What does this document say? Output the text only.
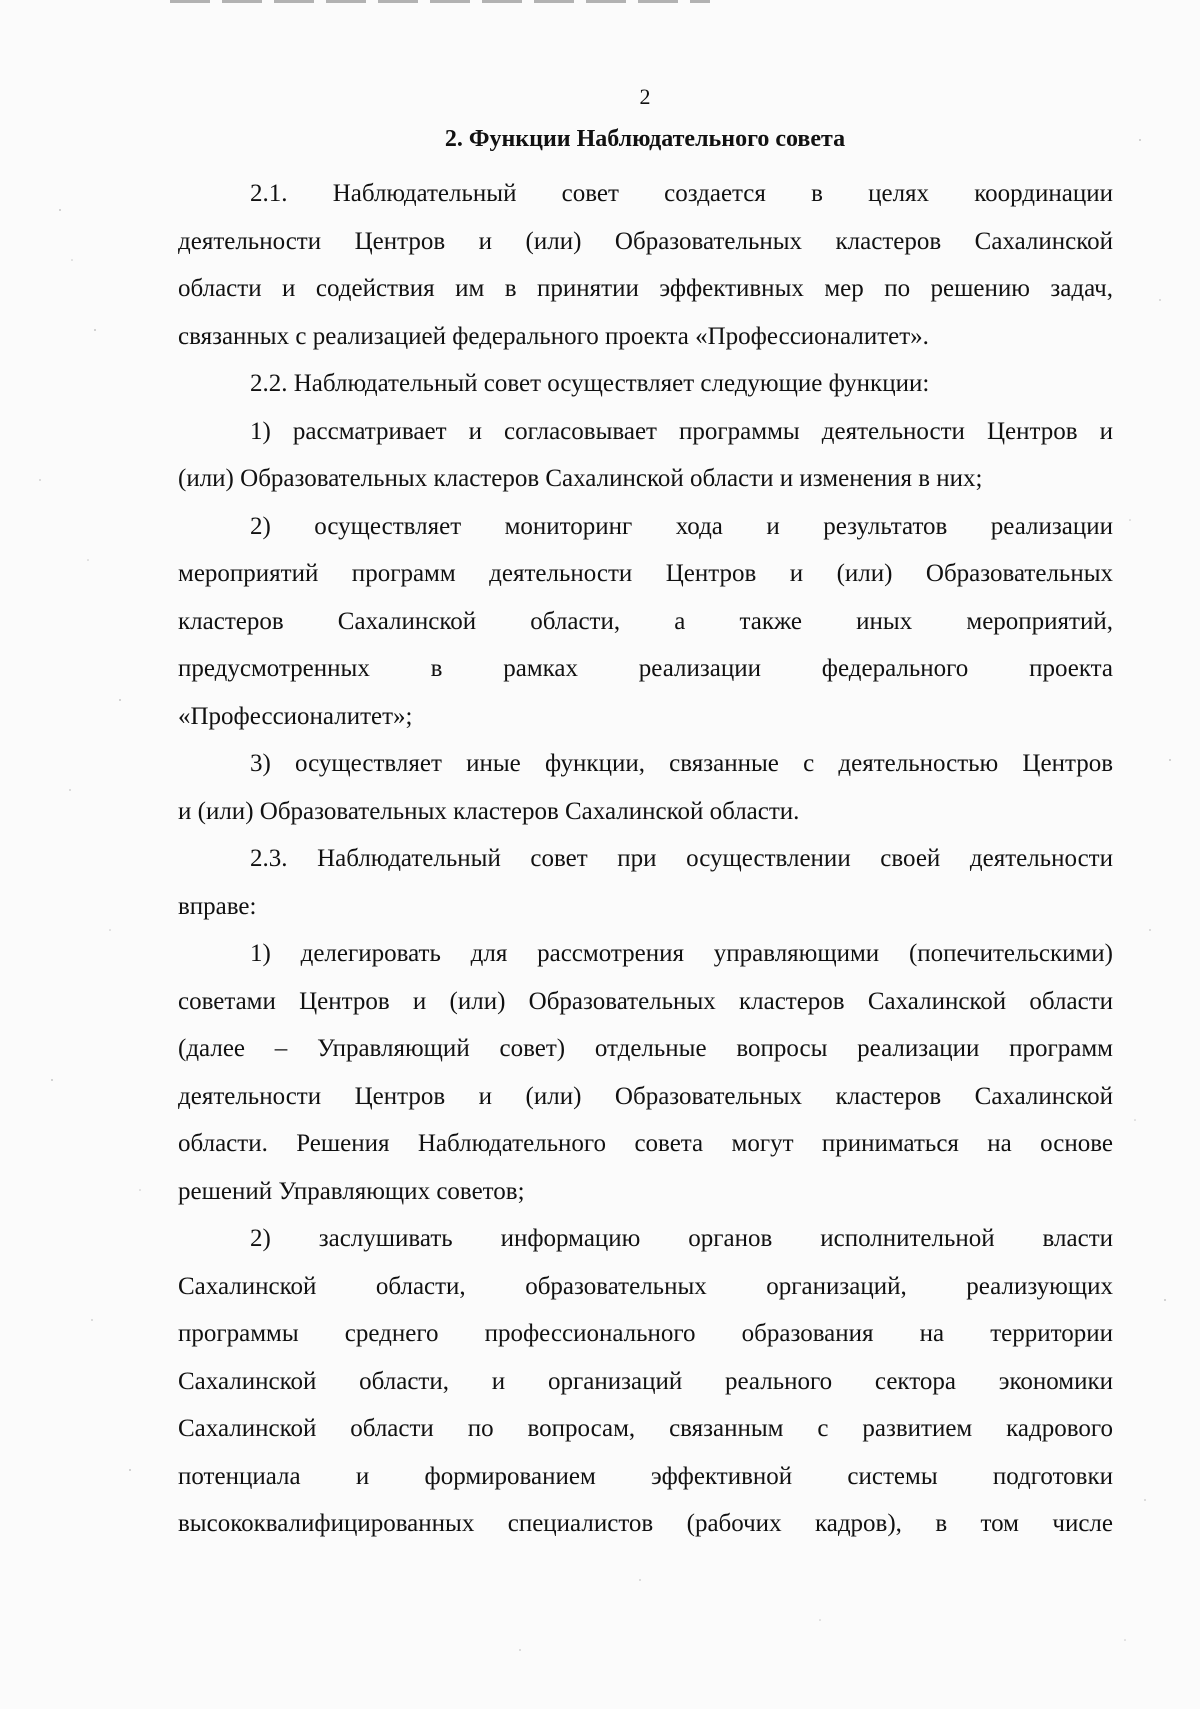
2
2. Функции Наблюдательного совета

2.1. Наблюдательный совет создается в целях координации
деятельности Центров и (или) Образовательных кластеров Сахалинской
области и содействия им в принятии эффективных мер по решению задач,
связанных с реализацией федерального проекта «Профессионалитет».

2.2. Наблюдательный совет осуществляет следующие функции:

1) рассматривает и согласовывает программы деятельности Центров и
(или) Образовательных кластеров Сахалинской области и изменения в них;

2) осуществляет мониторинг хода и результатов реализации
мероприятий программ деятельности Центров и (или) Образовательных
кластеров Сахалинской области, а также иных мероприятий,
предусмотренных в рамках реализации федерального проекта
«Профессионалитет»;

3) осуществляет иные функции, связанные с деятельностью Центров
и (или) Образовательных кластеров Сахалинской области.

2.3. Наблюдательный совет при осуществлении своей деятельности
вправе:

1) делегировать для рассмотрения управляющими (попечительскими)
советами Центров и (или) Образовательных кластеров Сахалинской области
(далее – Управляющий совет) отдельные вопросы реализации программ
деятельности Центров и (или) Образовательных кластеров Сахалинской
области. Решения Наблюдательного совета могут приниматься на основе
решений Управляющих советов;

2) заслушивать информацию органов исполнительной власти
Сахалинской области, образовательных организаций, реализующих
программы среднего профессионального образования на территории
Сахалинской области, и организаций реального сектора экономики
Сахалинской области по вопросам, связанным с развитием кадрового
потенциала и формированием эффективной системы подготовки
высококвалифицированных специалистов (рабочих кадров), в том числе
